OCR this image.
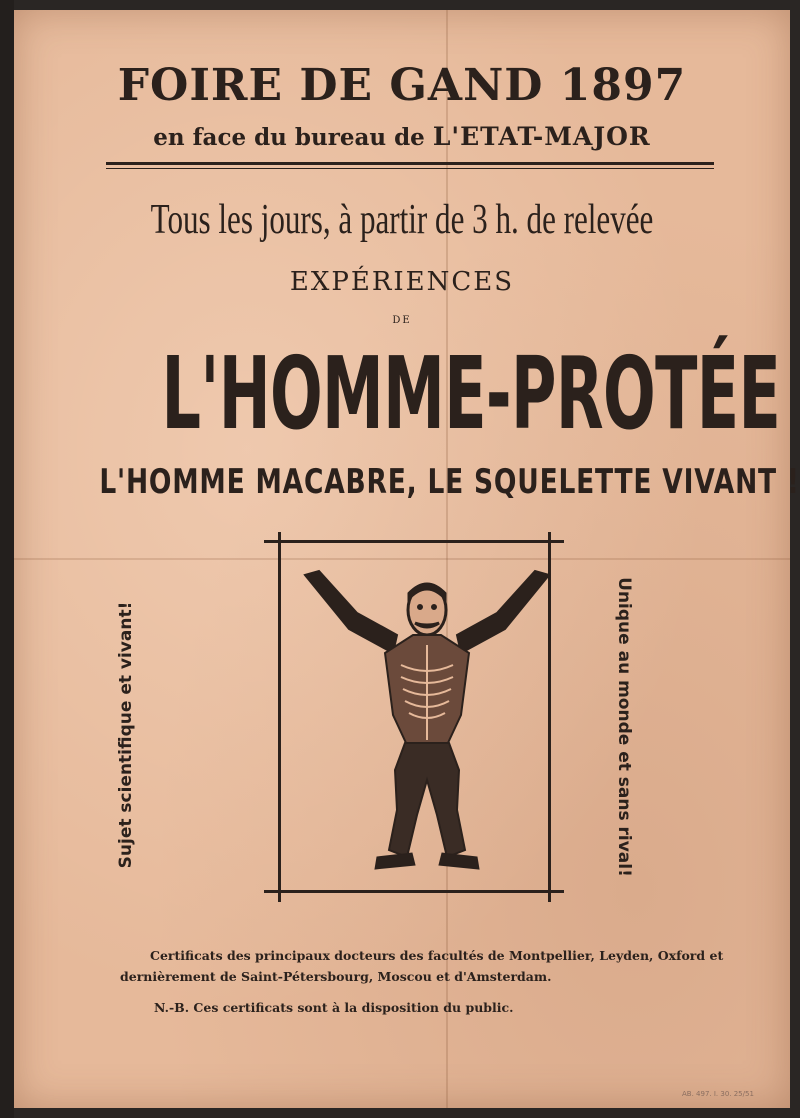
FOIRE DE GAND 1897
en face du bureau de L'ETAT-MAJOR
Tous les jours, à partir de 3 h. de relevée
EXPÉRIENCES
DE
L'HOMME-PROTÉE
L'HOMME MACABRE, LE SQUELETTE VIVANT !
Sujet scientifique et vivant!	Unique au monde et sans rival!
Certificats des principaux docteurs des facultés de Montpellier, Leyden, Oxford et
dernièrement de Saint-Pétersbourg, Moscou et d'Amsterdam.
N.-B. Ces certificats sont à la disposition du public.
AB. 497. I. 30. 25/51
